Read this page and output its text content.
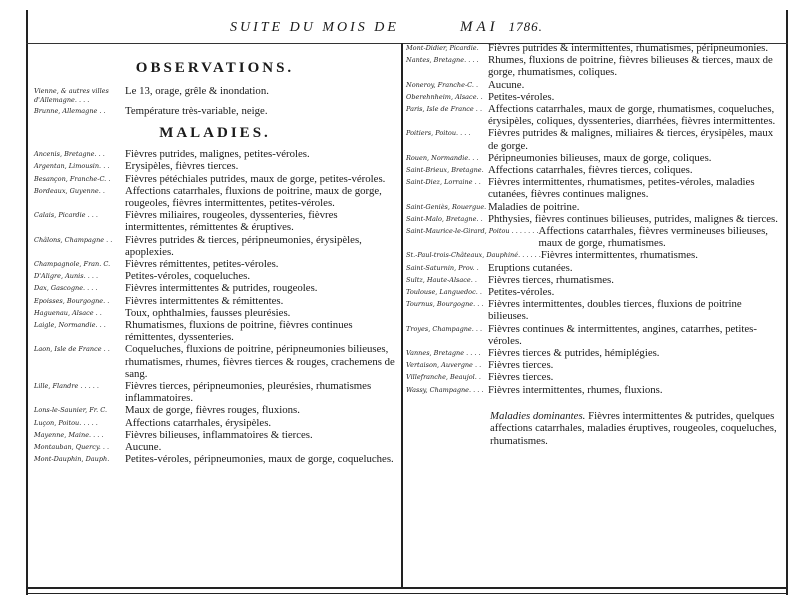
SUITE DU MOIS DE	MAI 1786.
OBSERVATIONS.
Vienne, & autres villes d'Allemagne. . . .
Le 13, orage, grêle & inondation.
Brunne, Allemagne . .	Température très-variable, neige.
MALADIES.
Ancenis, Bretagne. . .	Fièvres putrides, malignes, petites-véroles.
Argentan, Limousin. . .	Erysipèles, fièvres tierces.
Besançon, Franche-C. .	Fièvres pétéchiales putrides, maux de gorge, petites-véroles.
Bordeaux, Guyenne. .	Affections catarrhales, fluxions de poitrine, maux de gorge, rougeoles, fièvres intermittentes, petites-véroles.
Calais, Picardie . . .	Fièvres miliaires, rougeoles, dyssenteries, fièvres intermittentes, rémittentes & éruptives.
Châlons, Champagne . .	Fièvres putrides & tierces, péripneumonies, érysipèles, apoplexies.
Champagnole, Fran. C.	Fièvres rémittentes, petites-véroles.
D'Aligre, Aunis. . . .	Petites-véroles, coqueluches.
Dax, Gascogne. . . .	Fièvres intermittentes & putrides, rougeoles.
Epoisses, Bourgogne. .	Fièvres intermittentes & rémittentes.
Haguenau, Alsace . .	Toux, ophthalmies, fausses pleurésies.
Laigle, Normandie. . .	Rhumatismes, fluxions de poitrine, fièvres continues rémittentes, dyssenteries.
Laon, Isle de France . .	Coqueluches, fluxions de poitrine, péripneumonies bilieuses, rhumatismes, rhumes, fièvres tierces & rouges, crachemens de sang.
Lille, Flandre . . . . .	Fièvres tierces, péripneumonies, pleurésies, rhumatismes inflammatoires.
Lons-le-Saunier, Fr. C.	Maux de gorge, fièvres rouges, fluxions.
Luçon, Poitou. . . . .	Affections catarrhales, érysipèles.
Mayenne, Maine. . . .	Fièvres bilieuses, inflammatoires & tierces.
Montauban, Quercy. . .	Aucune.
Mont-Dauphin, Dauph.	Petites-véroles, péripneumonies, maux de gorge, coqueluches.
Mont-Didier, Picardie. Fièvres putrides & intermittentes, rhumatismes, péripneumonies.
Nantes, Bretagne. . . . Rhumes, fluxions de poitrine, fièvres bilieuses & tierces, maux de gorge, rhumatismes, coliques.
Noneroy, Franche-C. . Aucune.
Oberehnheim, Alsace. . Petites-véroles.
Paris, Isle de France . . Affections catarrhales, maux de gorge, rhumatismes, coqueluches, érysipèles, coliques, dyssenteries, diarrhées, fièvres intermittentes.
Poitiers, Poitou. . . .	Fièvres putrides & malignes, miliaires & tierces, érysipèles, maux de gorge.
Rouen, Normandie. . . Péripneumonies bilieuses, maux de gorge, coliques.
Saint-Brieux, Bretagne. Affections catarrhales, fièvres tierces, coliques.
Saint-Diez, Lorraine . . Fièvres intermittentes, rhumatismes, petites-véroles, maladies cutanées, fièvres continues malignes.
Saint-Geniès, Rouergue. Maladies de poitrine.
Saint-Malo, Bretagne. . Phthysies, fièvres continues bilieuses, putrides, malignes & tierces.
Saint-Maurice-le-Girard, Poitou . . . . . . . Affections catarrhales, fièvres vermineuses bilieuses, maux de gorge, rhumatismes.
St.-Paul-trois-Châteaux, Dauphiné. . . . . . Fièvres intermittentes, rhumatismes.
Saint-Saturnin, Prov. . Eruptions cutanées.
Sultz, Haute-Alsace. .	Fièvres tierces, rhumatismes.
Toulouse, Languedoc. . Petites-véroles.
Tournus, Bourgogne. . . Fièvres intermittentes, doubles tierces, fluxions de poitrine bilieuses.
Troyes, Champagne. . . Fièvres continues & intermittentes, angines, catarrhes, petites-véroles.
Vannes, Bretagne . . . . Fièvres tierces & putrides, hémiplégies.
Vertaison, Auvergne . . Fièvres tierces.
Villefranche, Beaujol. . Fièvres tierces.
Wassy, Champagne. . . . Fièvres intermittentes, rhumes, fluxions.
Maladies dominantes. Fièvres intermittentes & putrides, quelques affections catarrhales, maladies éruptives, rougeoles, coqueluches, rhumatismes.
